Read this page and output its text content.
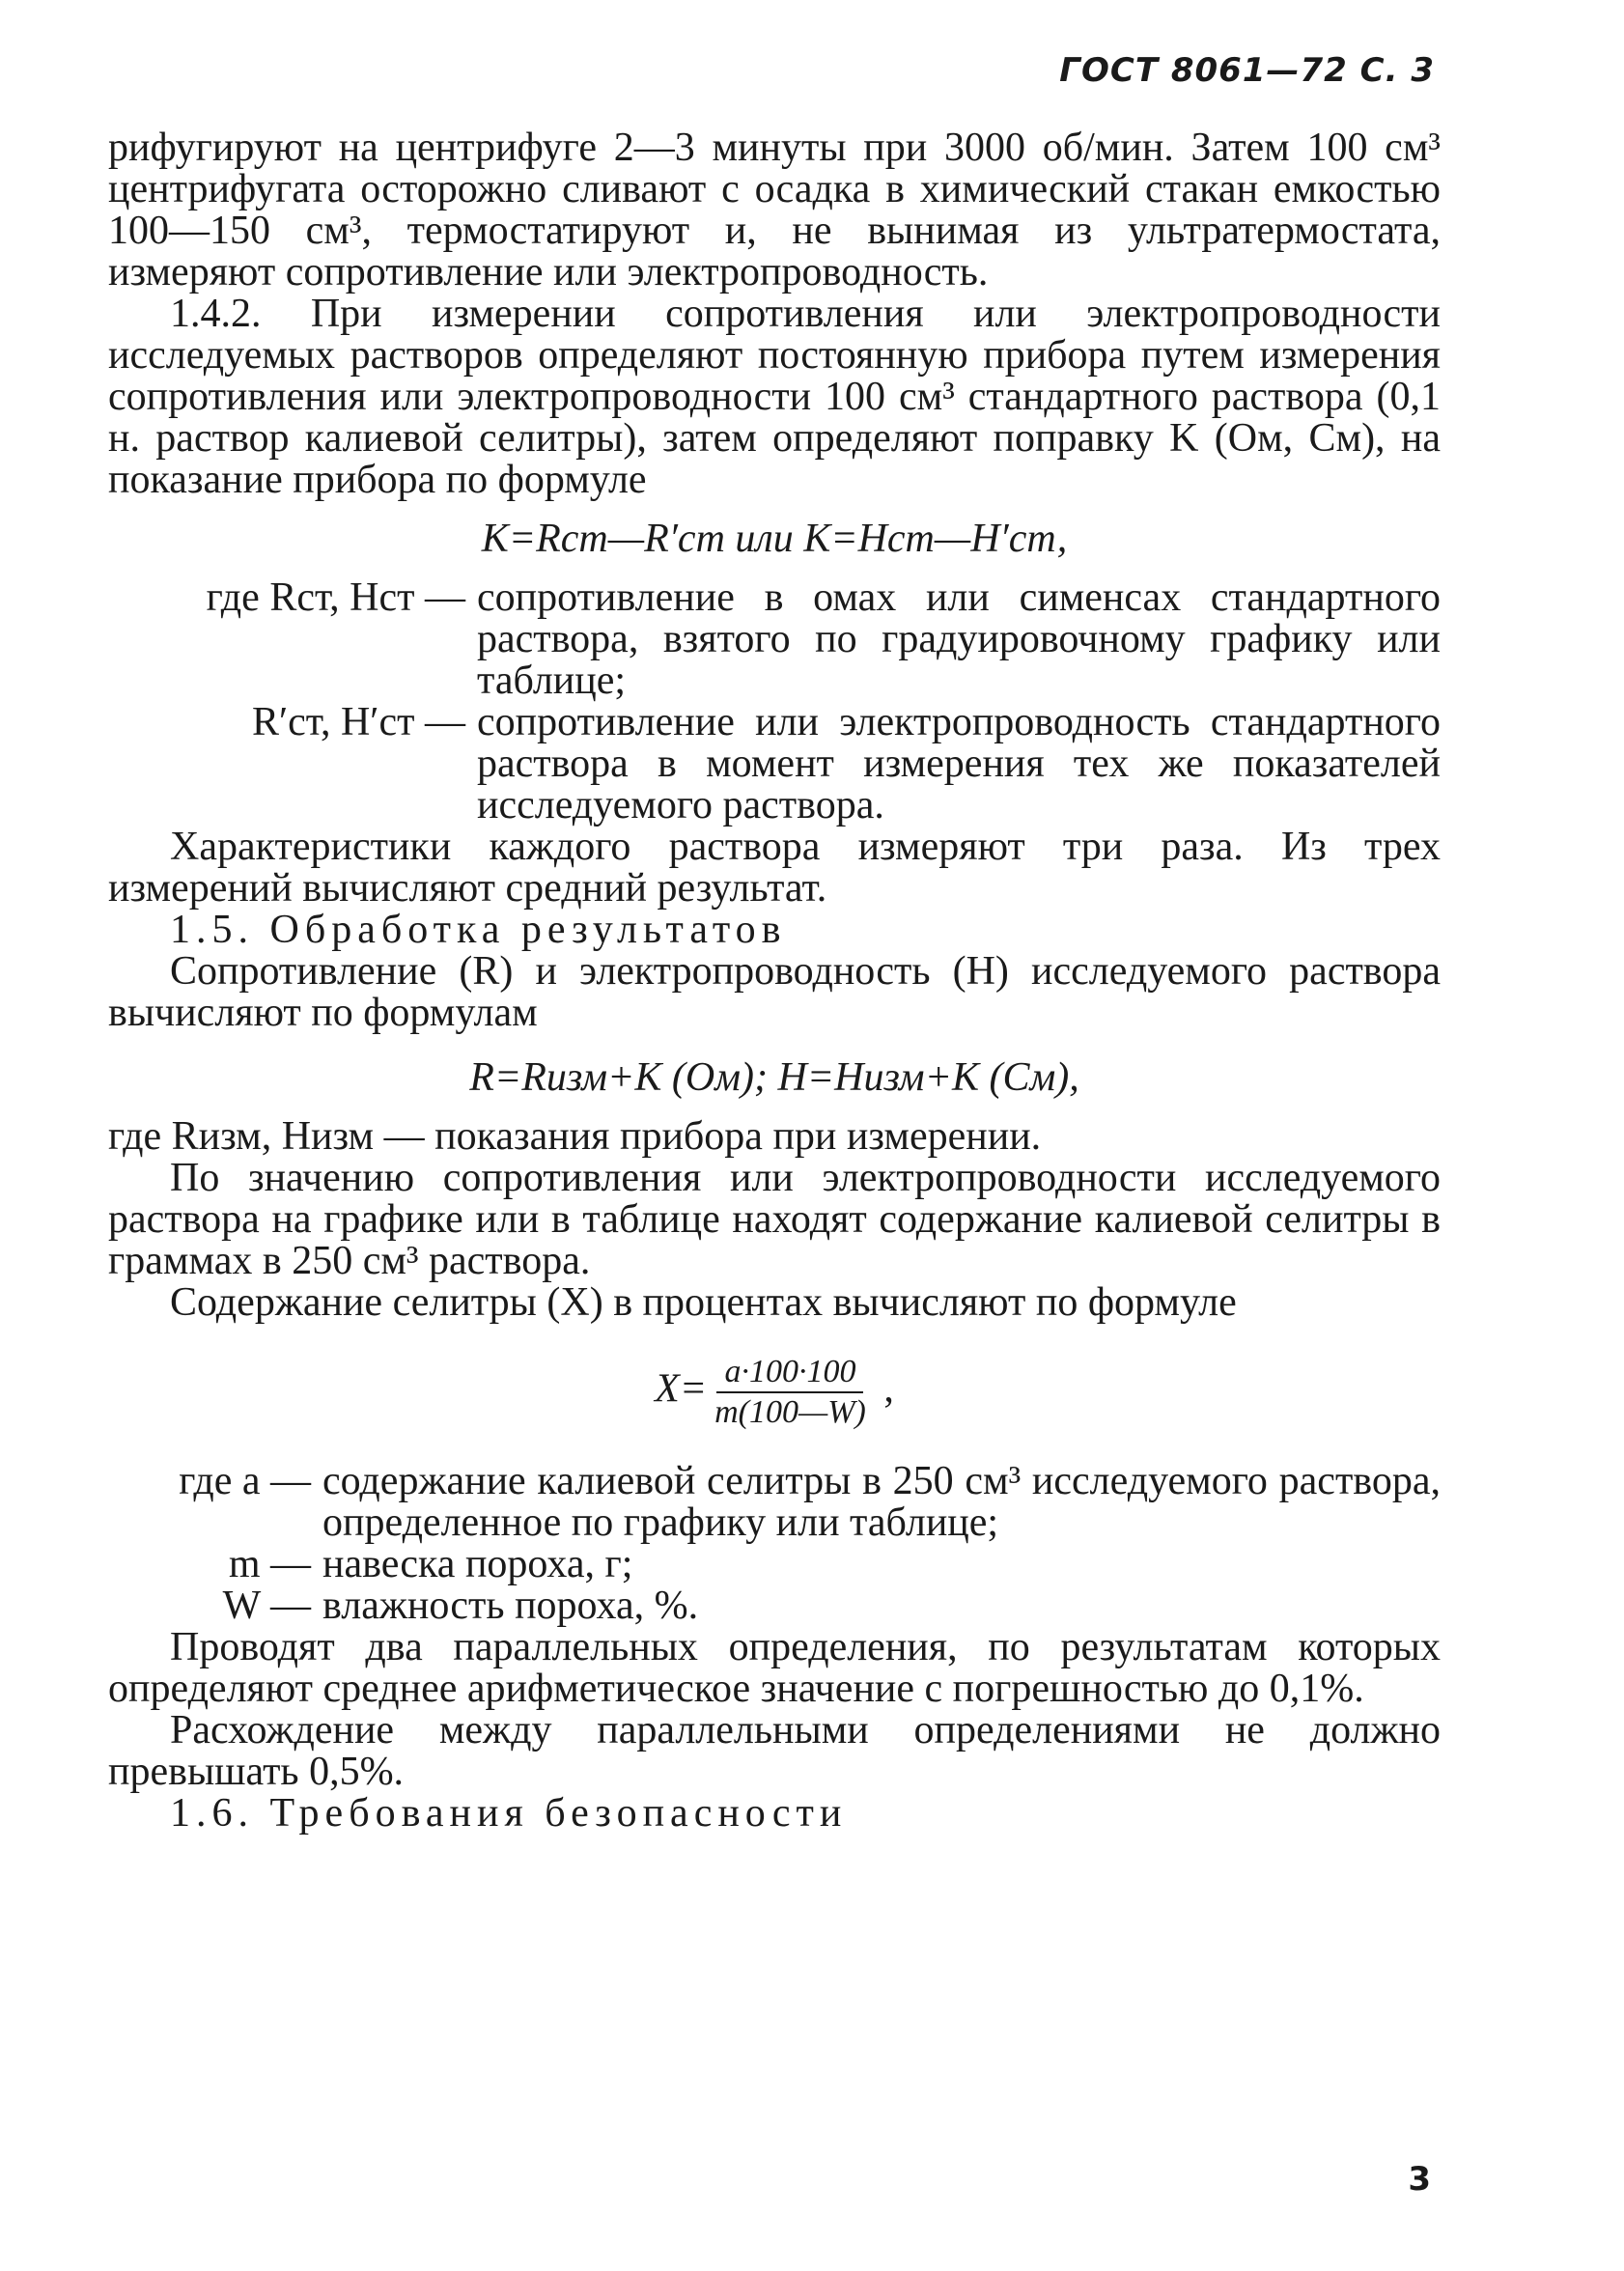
ГОСТ 8061—72 С. 3

рифугируют на центрифуге 2—3 минуты при 3000 об/мин. Затем 100 см³ центрифугата осторожно сливают с осадка в химический стакан емкостью 100—150 см³, термостатируют и, не вынимая из ультратермостата, измеряют сопротивление или электропроводность.

1.4.2. При измерении сопротивления или электропроводности исследуемых растворов определяют постоянную прибора путем измерения сопротивления или электропроводности 100 см³ стандартного раствора (0,1 н. раствор калиевой селитры), затем определяют поправку K (Ом, См), на показание прибора по формуле

K=Rст—R′ст или K=Hст—H′ст,
где Rст, Hст — сопротивление в омах или сименсах стандартного раствора, взятого по градуировочному графику или таблице;
R′ст, H′ст — сопротивление или электропроводность стандартного раствора в момент измерения тех же показателей исследуемого раствора.

Характеристики каждого раствора измеряют три раза. Из трех измерений вычисляют средний результат.

1.5. Обработка результатов

Сопротивление (R) и электропроводность (H) исследуемого раствора вычисляют по формулам

R=Rизм+K (Ом); H=Hизм+K (См),

где Rизм, Hизм — показания прибора при измерении.

По значению сопротивления или электропроводности исследуемого раствора на графике или в таблице находят содержание калиевой селитры в граммах в 250 см³ раствора.

Содержание селитры (X) в процентах вычисляют по формуле

$X= \frac{a\cdot 100\cdot 100}{m(100—W)}$ ,
где a — содержание калиевой селитры в 250 см³ исследуемого раствора, определенное по графику или таблице;
m — навеска пороха, г;
W — влажность пороха, %.

Проводят два параллельных определения, по результатам которых определяют среднее арифметическое значение с погрешностью до 0,1%.

Расхождение между параллельными определениями не должно превышать 0,5%.

1.6. Требования безопасности

3
